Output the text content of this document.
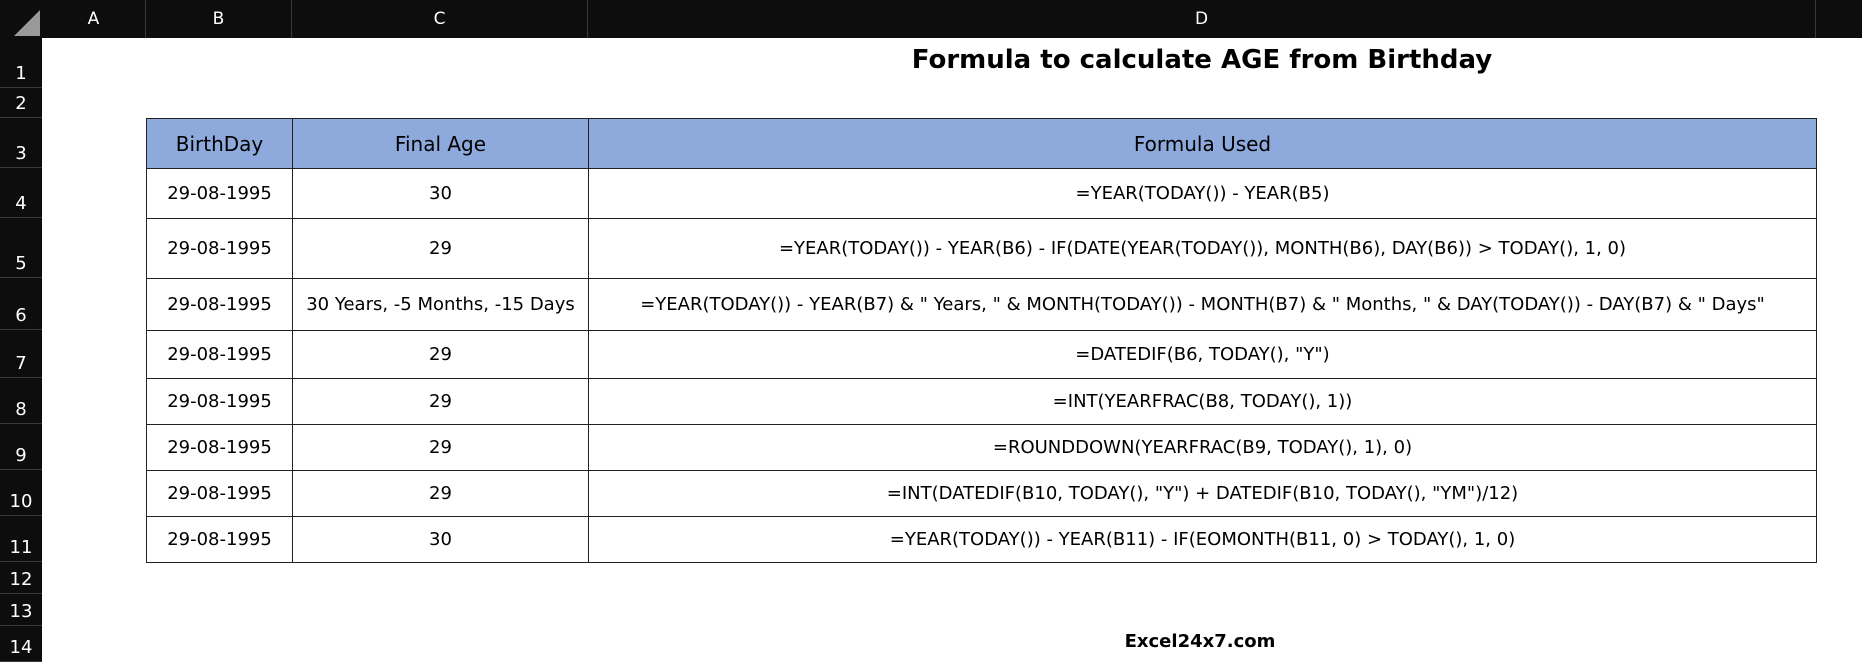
A	B	C	D
1
2
3
4
5
6
7
8
9
10
11
12
13
14
Formula to calculate AGE from Birthday
BirthDay	Final Age	Formula Used
29-08-1995	30	=YEAR(TODAY()) - YEAR(B5)
29-08-1995	29	=YEAR(TODAY()) - YEAR(B6) - IF(DATE(YEAR(TODAY()), MONTH(B6), DAY(B6)) > TODAY(), 1, 0)
29-08-1995	30 Years, -5 Months, -15 Days	=YEAR(TODAY()) - YEAR(B7) & " Years, " & MONTH(TODAY()) - MONTH(B7) & " Months, " & DAY(TODAY()) - DAY(B7) & " Days"
29-08-1995	29	=DATEDIF(B6, TODAY(), "Y")
29-08-1995	29	=INT(YEARFRAC(B8, TODAY(), 1))
29-08-1995	29	=ROUNDDOWN(YEARFRAC(B9, TODAY(), 1), 0)
29-08-1995	29	=INT(DATEDIF(B10, TODAY(), "Y") + DATEDIF(B10, TODAY(), "YM")/12)
29-08-1995	30	=YEAR(TODAY()) - YEAR(B11) - IF(EOMONTH(B11, 0) > TODAY(), 1, 0)
Excel24x7.com
